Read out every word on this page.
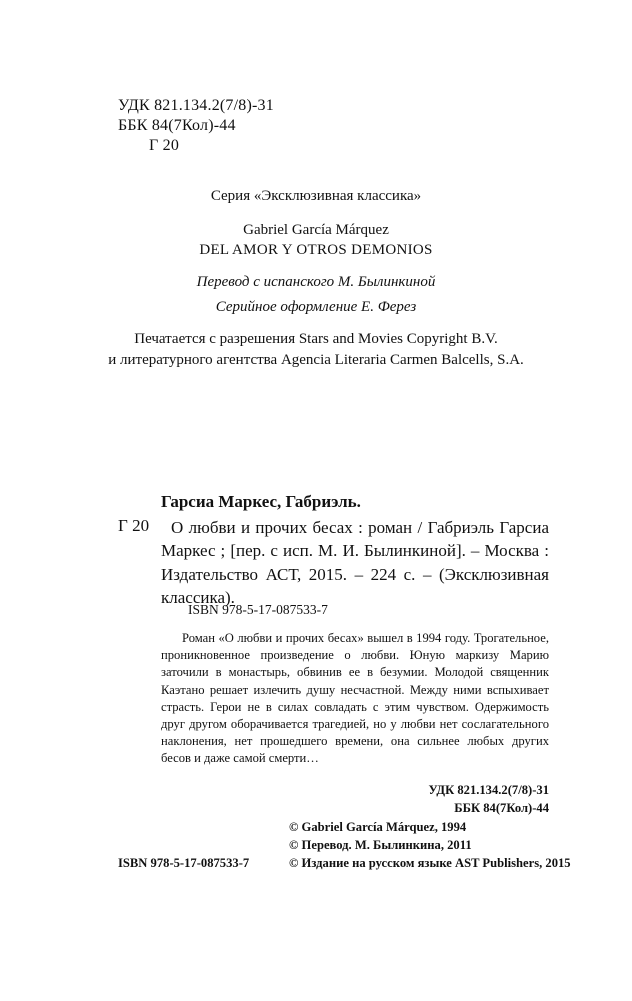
УДК 821.134.2(7/8)-31
ББК 84(7Кол)-44
Г 20
Серия «Эксклюзивная классика»
Gabriel García Márquez
DEL AMOR Y OTROS DEMONIOS
Перевод с испанского М. Былинкиной
Серийное оформление Е. Ферез
Печатается с разрешения Stars and Movies Copyright B.V.
и литературного агентства Agencia Literaria Carmen Balcells, S.A.
Гарсиа Маркес, Габриэль.
Г 20	О любви и прочих бесах : роман / Габриэль Гарсиа Маркес ; [пер. с исп. М. И. Былинкиной]. – Москва : Издательство АСТ, 2015. – 224 с. – (Эксклюзивная классика).
ISBN 978-5-17-087533-7
Роман «О любви и прочих бесах» вышел в 1994 году. Трогательное, проникновенное произведение о любви. Юную маркизу Марию заточили в монастырь, обвинив ее в безумии. Молодой священник Каэтано решает излечить душу несчастной. Между ними вспыхивает страсть. Герои не в силах совладать с этим чувством. Одержимость друг другом оборачивается трагедией, но у любви нет сослагательного наклонения, нет прошедшего времени, она сильнее любых других бесов и даже самой смерти…
УДК 821.134.2(7/8)-31
ББК 84(7Кол)-44
© Gabriel García Márquez, 1994
© Перевод. М. Былинкина, 2011
© Издание на русском языке AST Publishers, 2015
ISBN 978-5-17-087533-7
